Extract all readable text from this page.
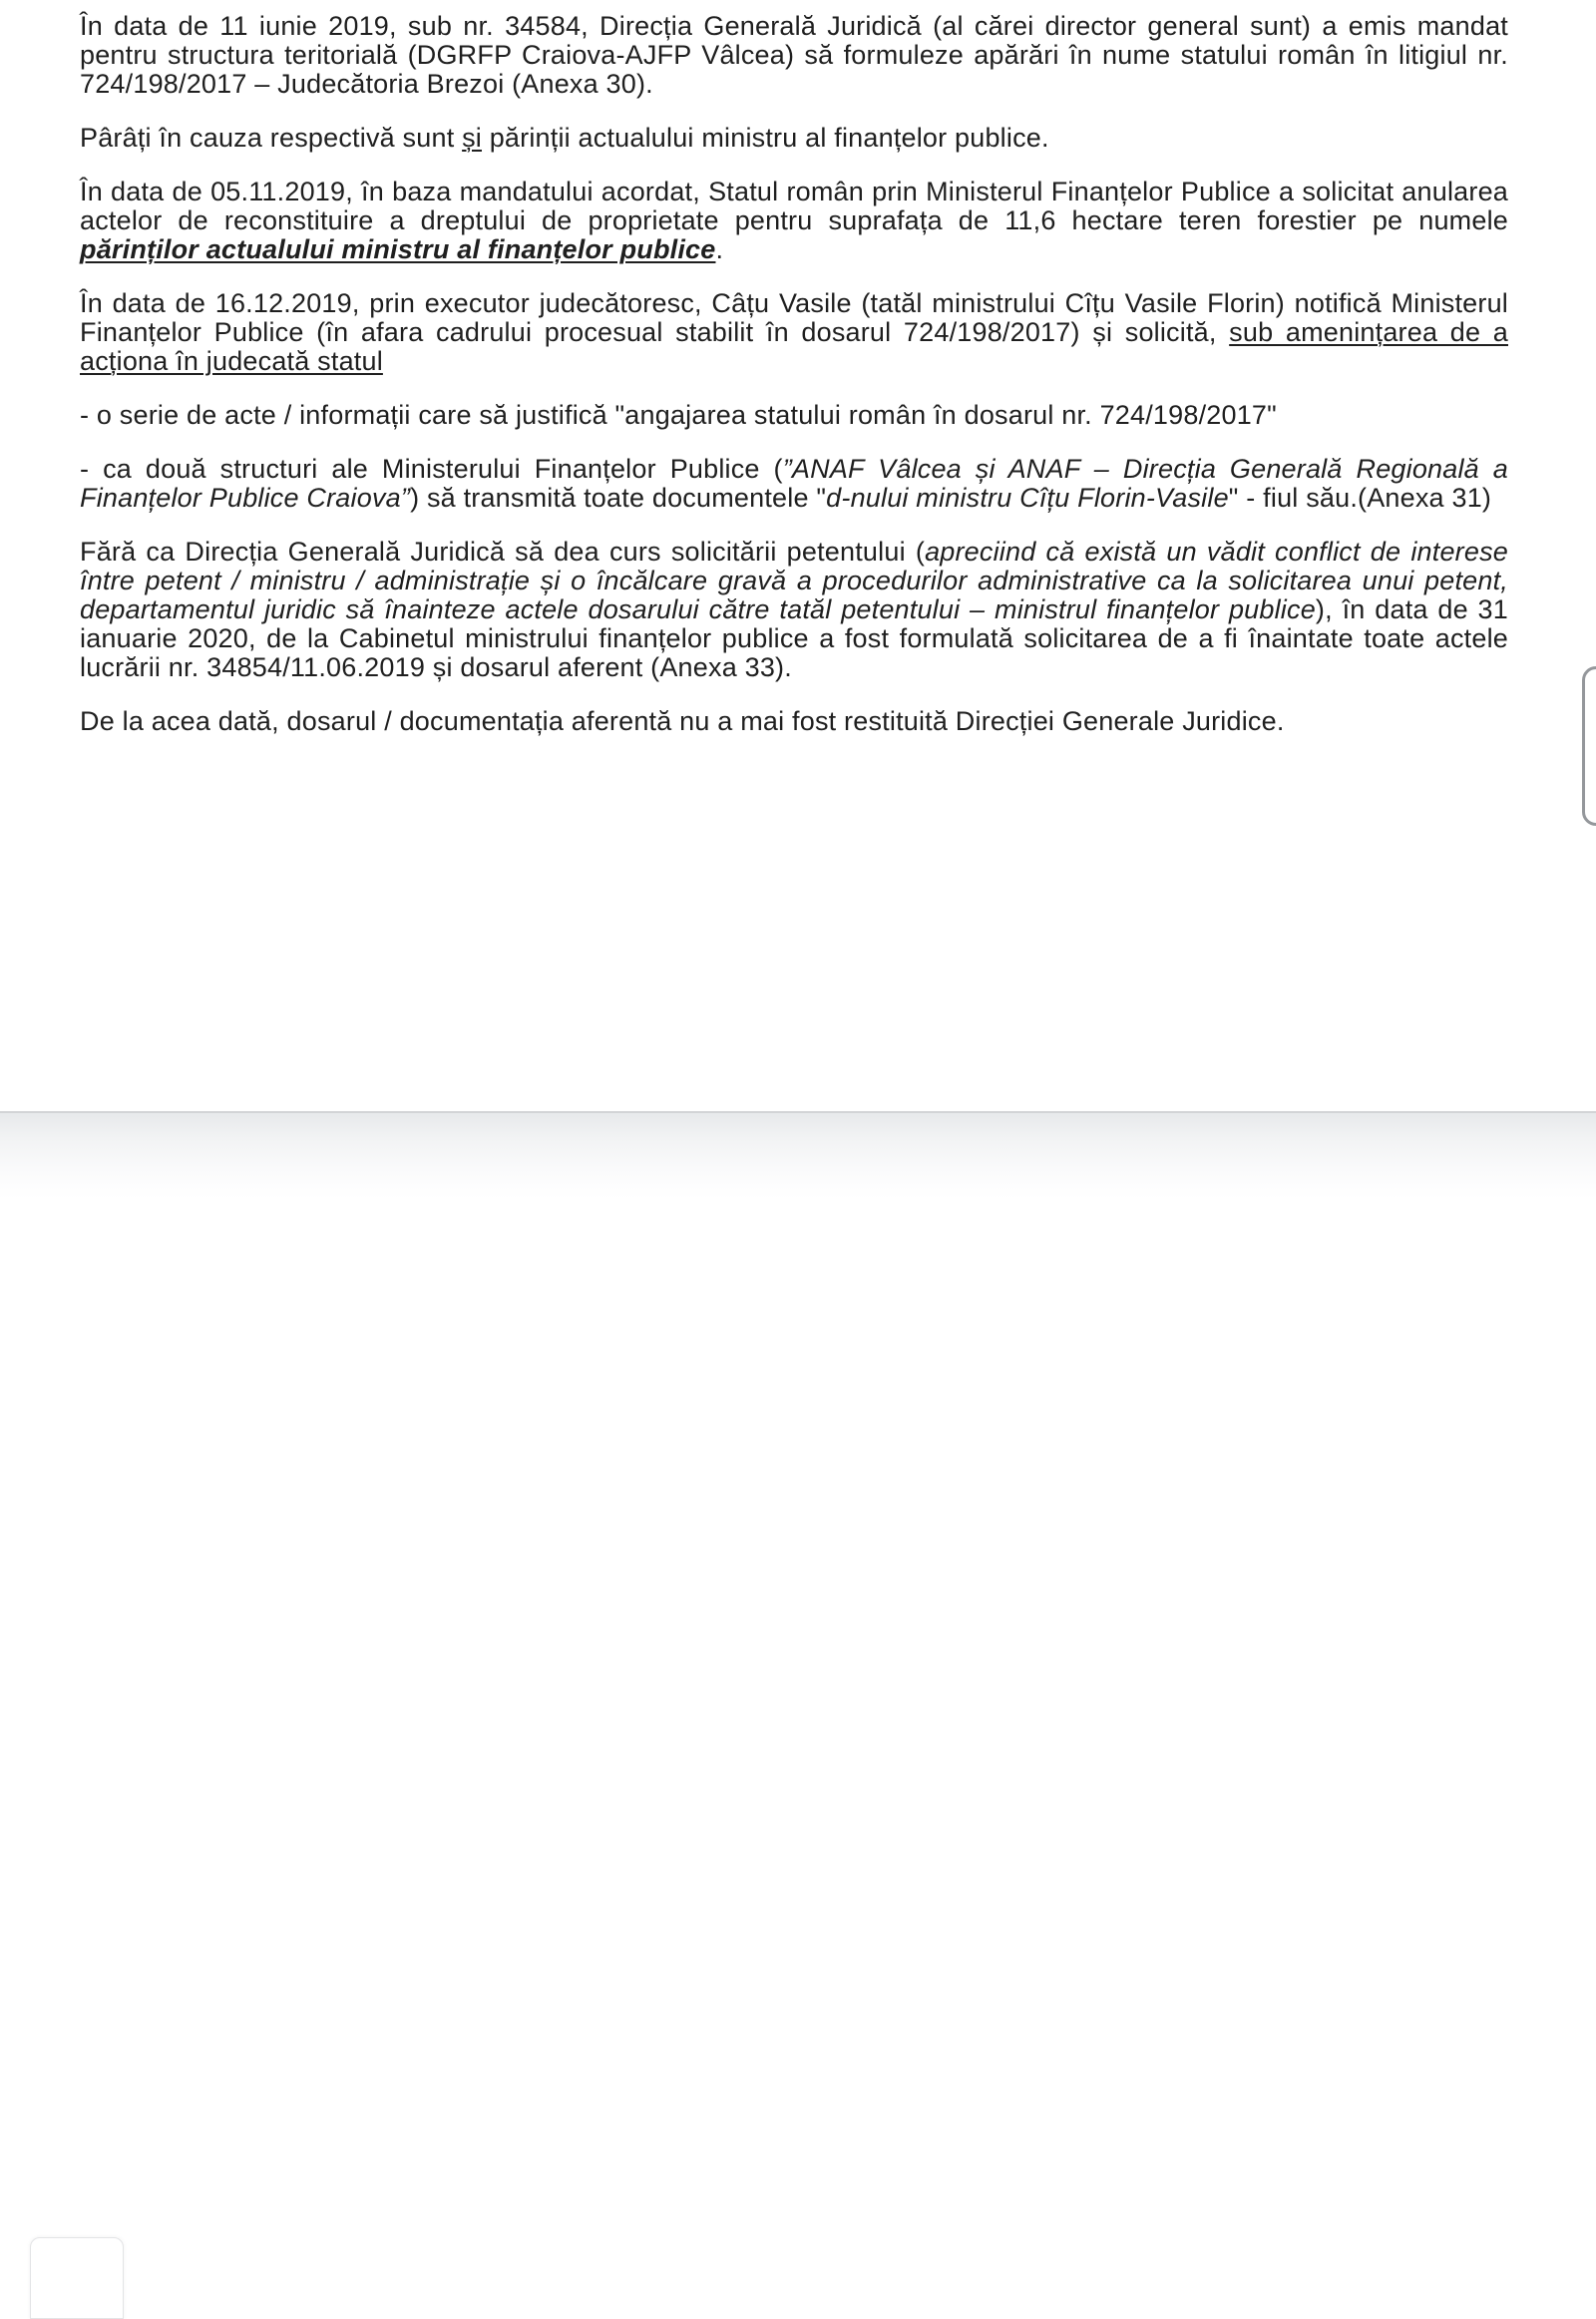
În data de 11 iunie 2019, sub nr. 34584, Direcția Generală Juridică (al cărei director general sunt) a emis mandat pentru structura teritorială (DGRFP Craiova-AJFP Vâlcea) să formuleze apărări în nume statului român în litigiul nr. 724/198/2017 – Judecătoria Brezoi (Anexa 30).

Pârâți în cauza respectivă sunt și părinții actualului ministru al finanțelor publice.

În data de 05.11.2019, în baza mandatului acordat, Statul român prin Ministerul Finanțelor Publice a solicitat anularea actelor de reconstituire a dreptului de proprietate pentru suprafața de 11,6 hectare teren forestier pe numele părinților actualului ministru al finanțelor publice.

În data de 16.12.2019, prin executor judecătoresc, Câțu Vasile (tatăl ministrului Cîțu Vasile Florin) notifică Ministerul Finanțelor Publice (în afara cadrului procesual stabilit în dosarul 724/198/2017) și solicită, sub amenințarea de a acționa în judecată statul

- o serie de acte / informații care să justifică "angajarea statului român în dosarul nr. 724/198/2017"

- ca două structuri ale Ministerului Finanțelor Publice (”ANAF Vâlcea și ANAF – Direcția Generală Regională a Finanțelor Publice Craiova”) să transmită toate documentele "d-nului ministru Cîțu Florin-Vasile" - fiul său.(Anexa 31)

Fără ca Direcția Generală Juridică să dea curs solicitării petentului (apreciind că există un vădit conflict de interese între petent / ministru / administrație și o încălcare gravă a procedurilor administrative ca la solicitarea unui petent, departamentul juridic să înainteze actele dosarului către tatăl petentului – ministrul finanțelor publice), în data de 31 ianuarie 2020, de la Cabinetul ministrului finanțelor publice a fost formulată solicitarea de a fi înaintate toate actele lucrării nr. 34854/11.06.2019 și dosarul aferent (Anexa 33).

De la acea dată, dosarul / documentația aferentă nu a mai fost restituită Direcției Generale Juridice.
